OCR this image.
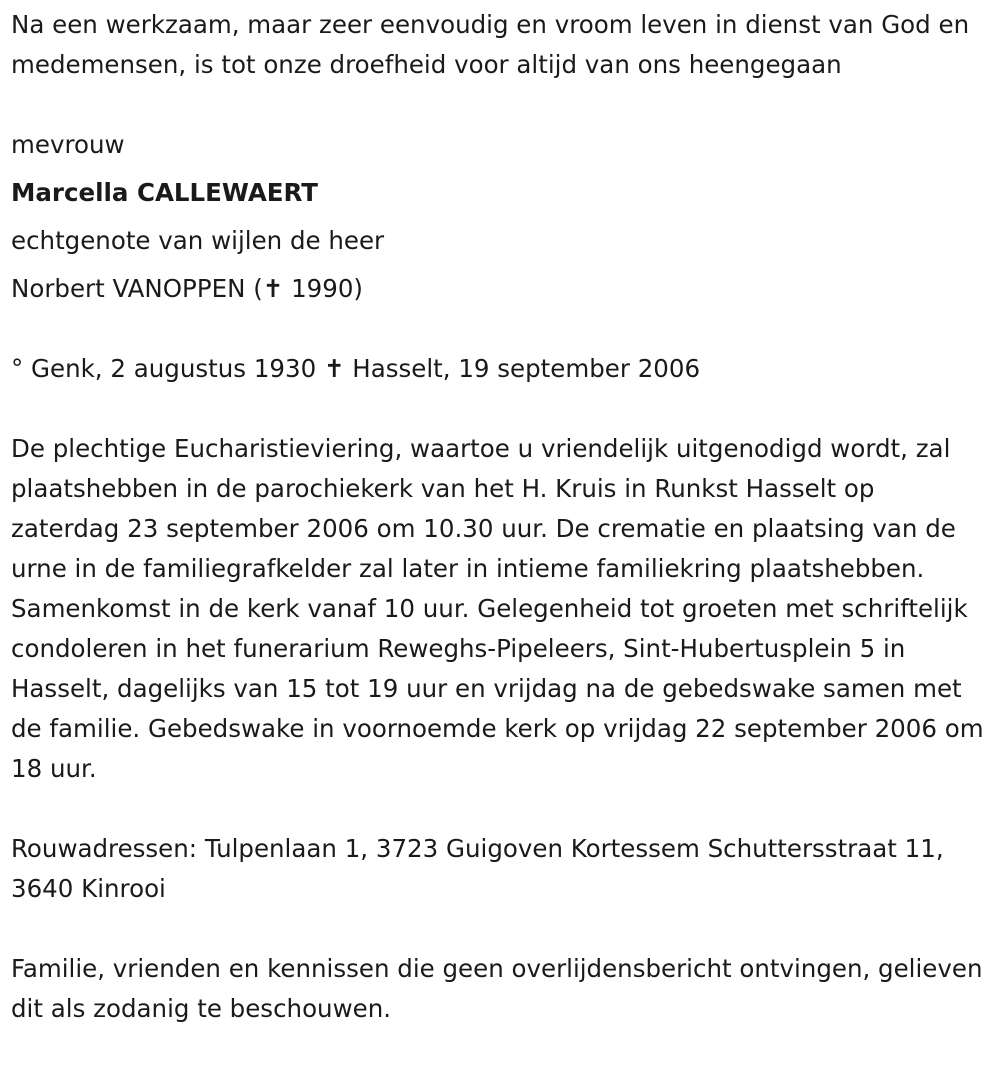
Na een werkzaam, maar zeer eenvoudig en vroom leven in dienst van God en medemensen, is tot onze droefheid voor altijd van ons heengegaan

mevrouw

Marcella CALLEWAERT

echtgenote van wijlen de heer

Norbert VANOPPEN (✝ 1990)

° Genk, 2 augustus 1930 ✝ Hasselt, 19 september 2006

De plechtige Eucharistieviering, waartoe u vriendelijk uitgenodigd wordt, zal plaatshebben in de parochiekerk van het H. Kruis in Runkst Hasselt op zaterdag 23 september 2006 om 10.30 uur. De crematie en plaatsing van de urne in de familiegrafkelder zal later in intieme familiekring plaatshebben. Samenkomst in de kerk vanaf 10 uur. Gelegenheid tot groeten met schriftelijk condoleren in het funerarium Reweghs-Pipeleers, Sint-Hubertusplein 5 in Hasselt, dagelijks van 15 tot 19 uur en vrijdag na de gebedswake samen met de familie. Gebedswake in voornoemde kerk op vrijdag 22 september 2006 om 18 uur.

Rouwadressen: Tulpenlaan 1, 3723 Guigoven Kortessem Schuttersstraat 11, 3640 Kinrooi

Familie, vrienden en kennissen die geen overlijdensbericht ontvingen, gelieven dit als zodanig te beschouwen.
